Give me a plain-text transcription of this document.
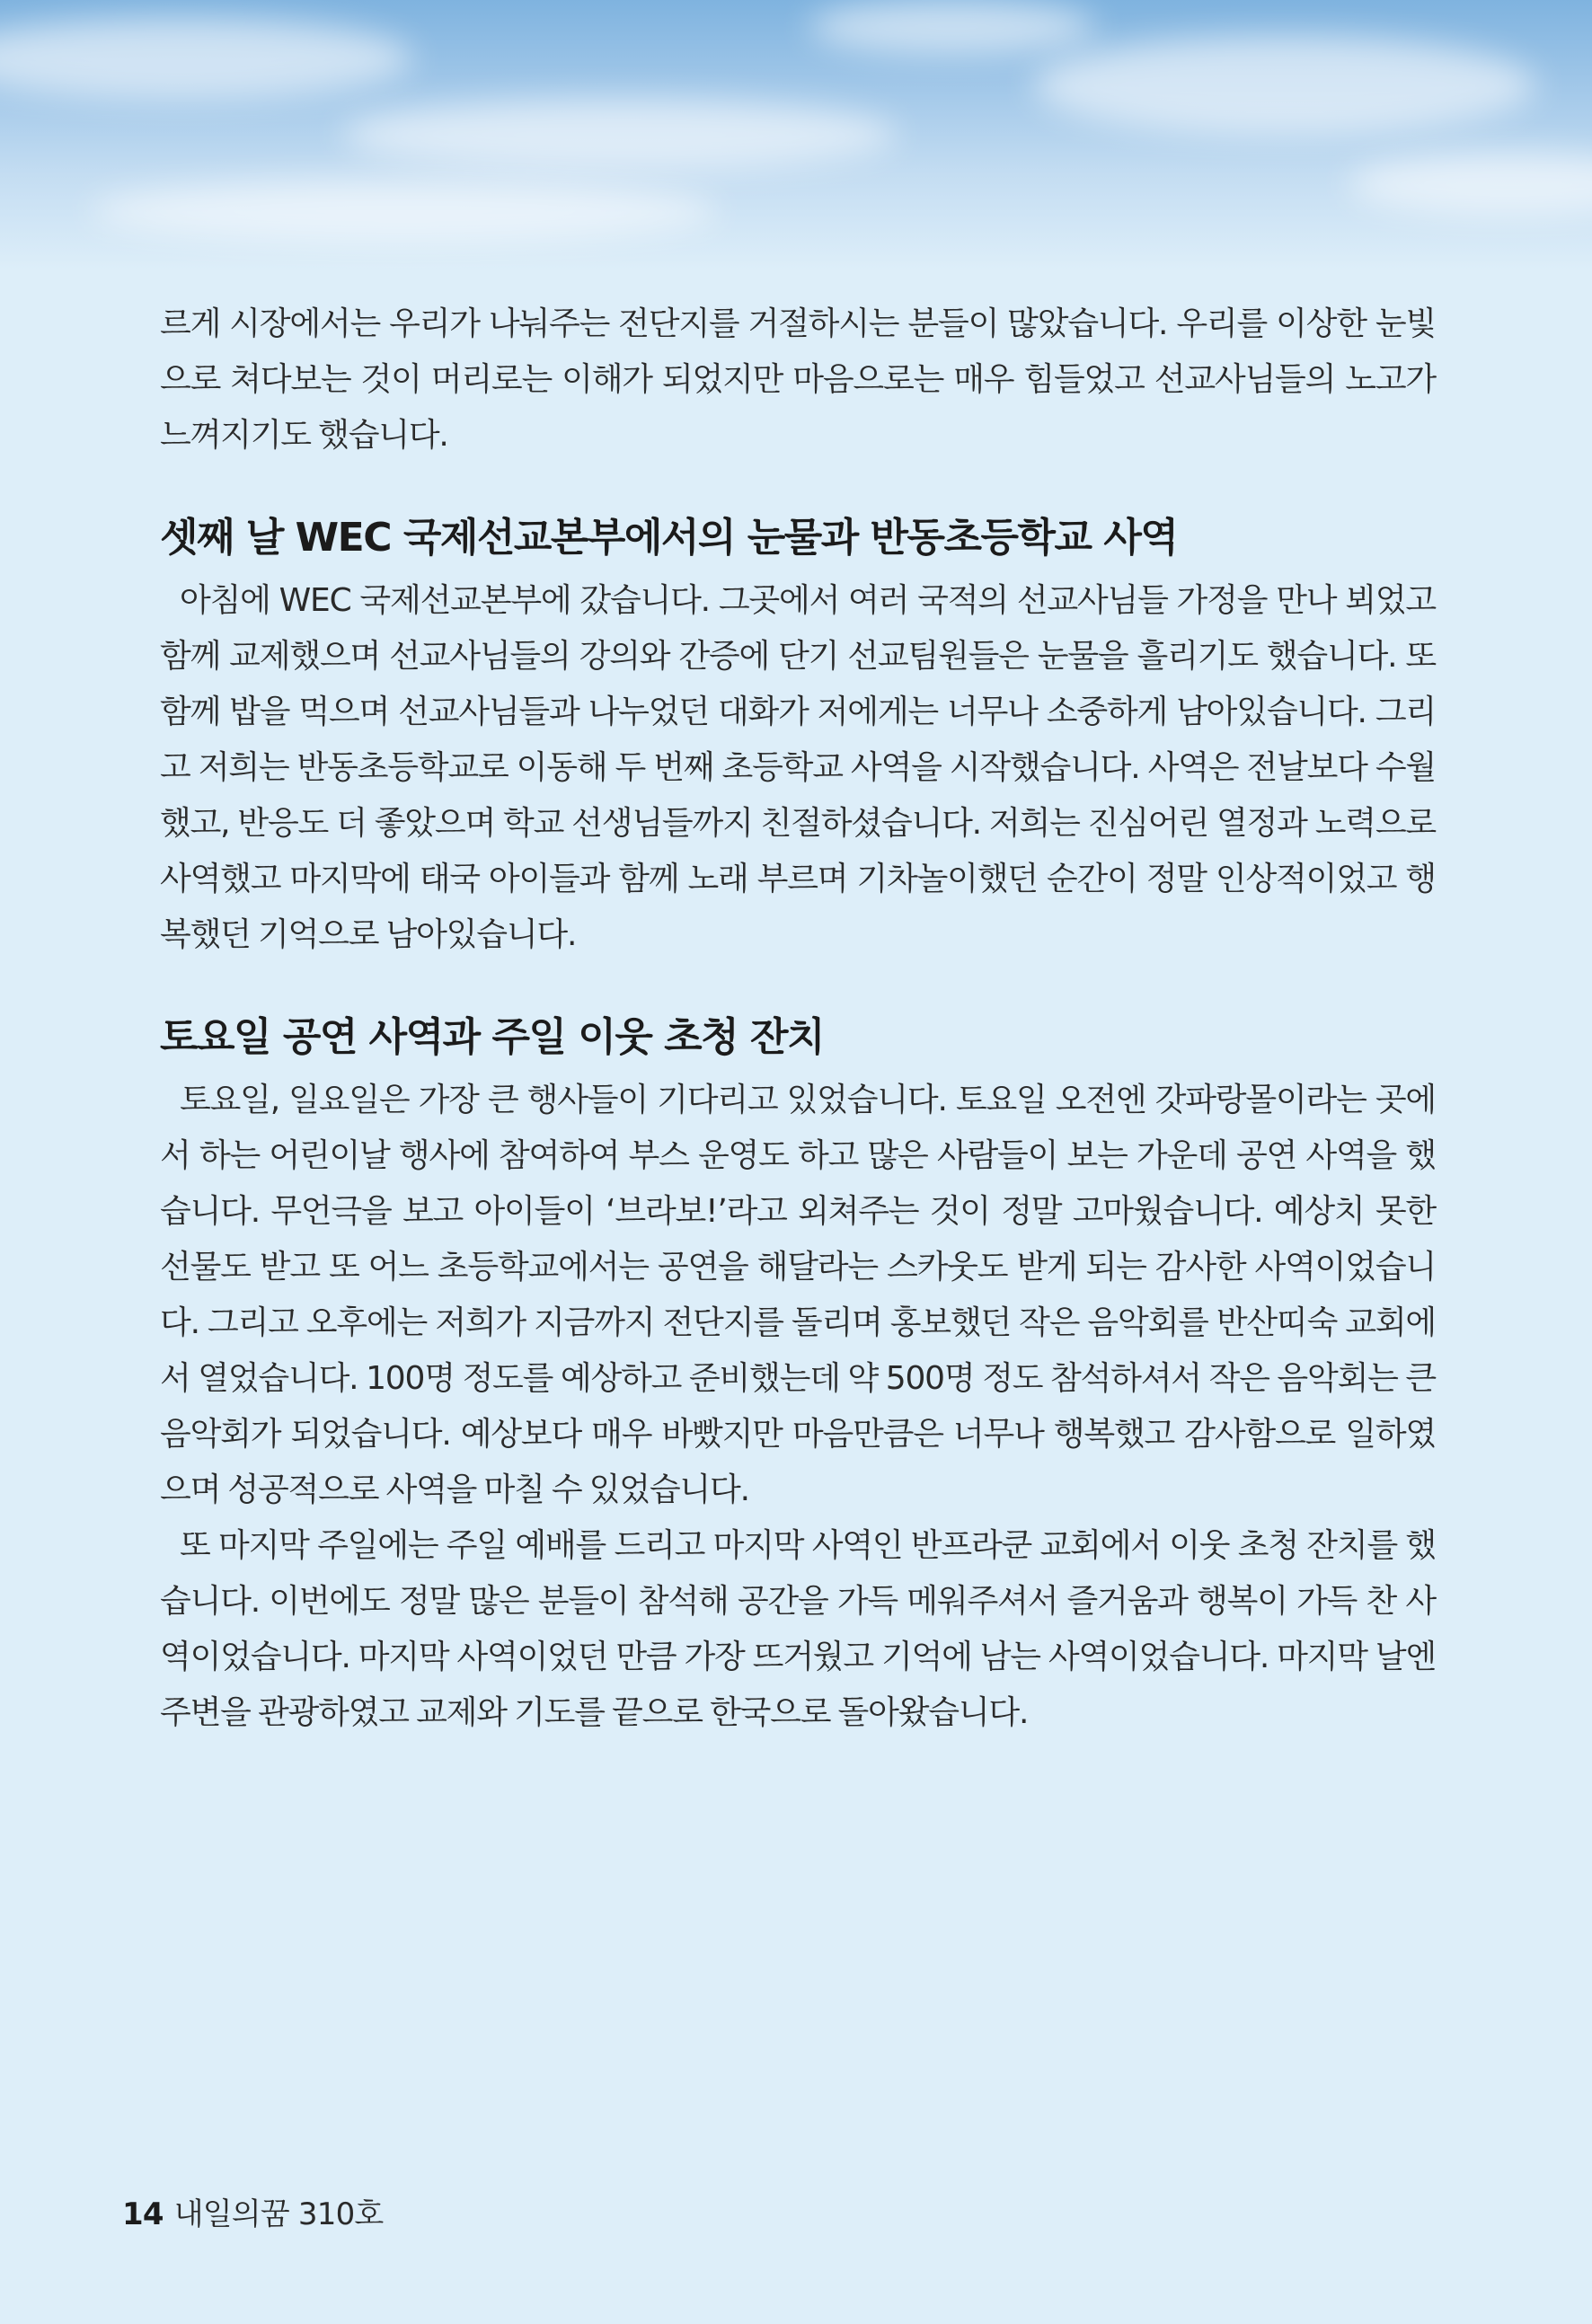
르게 시장에서는 우리가 나눠주는 전단지를 거절하시는 분들이 많았습니다. 우리를 이상한 눈빛으로 쳐다보는 것이 머리로는 이해가 되었지만 마음으로는 매우 힘들었고 선교사님들의 노고가 느껴지기도 했습니다.

셋째 날 WEC 국제선교본부에서의 눈물과 반동초등학교 사역

아침에 WEC 국제선교본부에 갔습니다. 그곳에서 여러 국적의 선교사님들 가정을 만나 뵈었고 함께 교제했으며 선교사님들의 강의와 간증에 단기 선교팀원들은 눈물을 흘리기도 했습니다. 또 함께 밥을 먹으며 선교사님들과 나누었던 대화가 저에게는 너무나 소중하게 남아있습니다. 그리고 저희는 반동초등학교로 이동해 두 번째 초등학교 사역을 시작했습니다. 사역은 전날보다 수월했고, 반응도 더 좋았으며 학교 선생님들까지 친절하셨습니다. 저희는 진심어린 열정과 노력으로 사역했고 마지막에 태국 아이들과 함께 노래 부르며 기차놀이했던 순간이 정말 인상적이었고 행복했던 기억으로 남아있습니다.

토요일 공연 사역과 주일 이웃 초청 잔치

토요일, 일요일은 가장 큰 행사들이 기다리고 있었습니다. 토요일 오전엔 갓파랑몰이라는 곳에서 하는 어린이날 행사에 참여하여 부스 운영도 하고 많은 사람들이 보는 가운데 공연 사역을 했습니다. 무언극을 보고 아이들이 ‘브라보!’라고 외쳐주는 것이 정말 고마웠습니다. 예상치 못한 선물도 받고 또 어느 초등학교에서는 공연을 해달라는 스카웃도 받게 되는 감사한 사역이었습니다. 그리고 오후에는 저희가 지금까지 전단지를 돌리며 홍보했던 작은 음악회를 반산띠숙 교회에서 열었습니다. 100명 정도를 예상하고 준비했는데 약 500명 정도 참석하셔서 작은 음악회는 큰 음악회가 되었습니다. 예상보다 매우 바빴지만 마음만큼은 너무나 행복했고 감사함으로 일하였으며 성공적으로 사역을 마칠 수 있었습니다.

또 마지막 주일에는 주일 예배를 드리고 마지막 사역인 반프라쿤 교회에서 이웃 초청 잔치를 했습니다. 이번에도 정말 많은 분들이 참석해 공간을 가득 메워주셔서 즐거움과 행복이 가득 찬 사역이었습니다. 마지막 사역이었던 만큼 가장 뜨거웠고 기억에 남는 사역이었습니다. 마지막 날엔 주변을 관광하였고 교제와 기도를 끝으로 한국으로 돌아왔습니다.

14 내일의꿈 310호
